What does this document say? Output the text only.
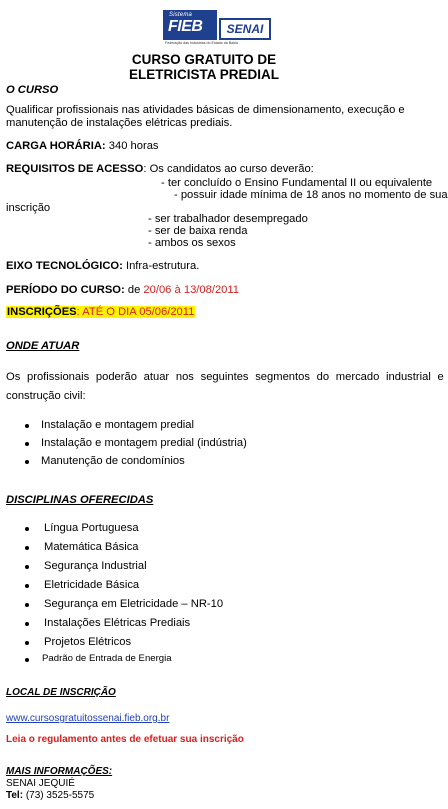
Sistema
FIEB	SENAI
Federação das Indústrias do Estado da Bahia
CURSO GRATUITO DE
ELETRICISTA PREDIAL
O CURSO
Qualificar profissionais nas atividades básicas de dimensionamento, execução e
manutenção de instalações elétricas prediais.
CARGA HORÁRIA: 340 horas
REQUISITOS DE ACESSO: Os candidatos ao curso deverão:
- ter concluído o Ensino Fundamental II ou equivalente
- possuir idade mínima de 18 anos no momento de sua
inscrição
- ser trabalhador desempregado
- ser de baixa renda
- ambos os sexos
EIXO TECNOLÓGICO: Infra-estrutura.
PERÍODO DO CURSO: de 20/06 à 13/08/2011
INSCRIÇÕES: ATÉ O DIA 05/06/2011
ONDE ATUAR
Os profissionais poderão atuar nos seguintes segmentos do mercado industrial e
construção civil:
Instalação e montagem predial
Instalação e montagem predial (indústria)
Manutenção de condomínios
DISCIPLINAS OFERECIDAS
Língua Portuguesa
Matemática Básica
Segurança Industrial
Eletricidade Básica
Segurança em Eletricidade – NR-10
Instalações Elétricas Prediais
Projetos Elétricos
Padrão de Entrada de Energia
LOCAL DE INSCRIÇÃO
www.cursosgratuitossenai.fieb.org.br
Leia o regulamento antes de efetuar sua inscrição
MAIS INFORMAÇÕES:
SENAI JEQUIÉ
Tel: (73) 3525-5575
